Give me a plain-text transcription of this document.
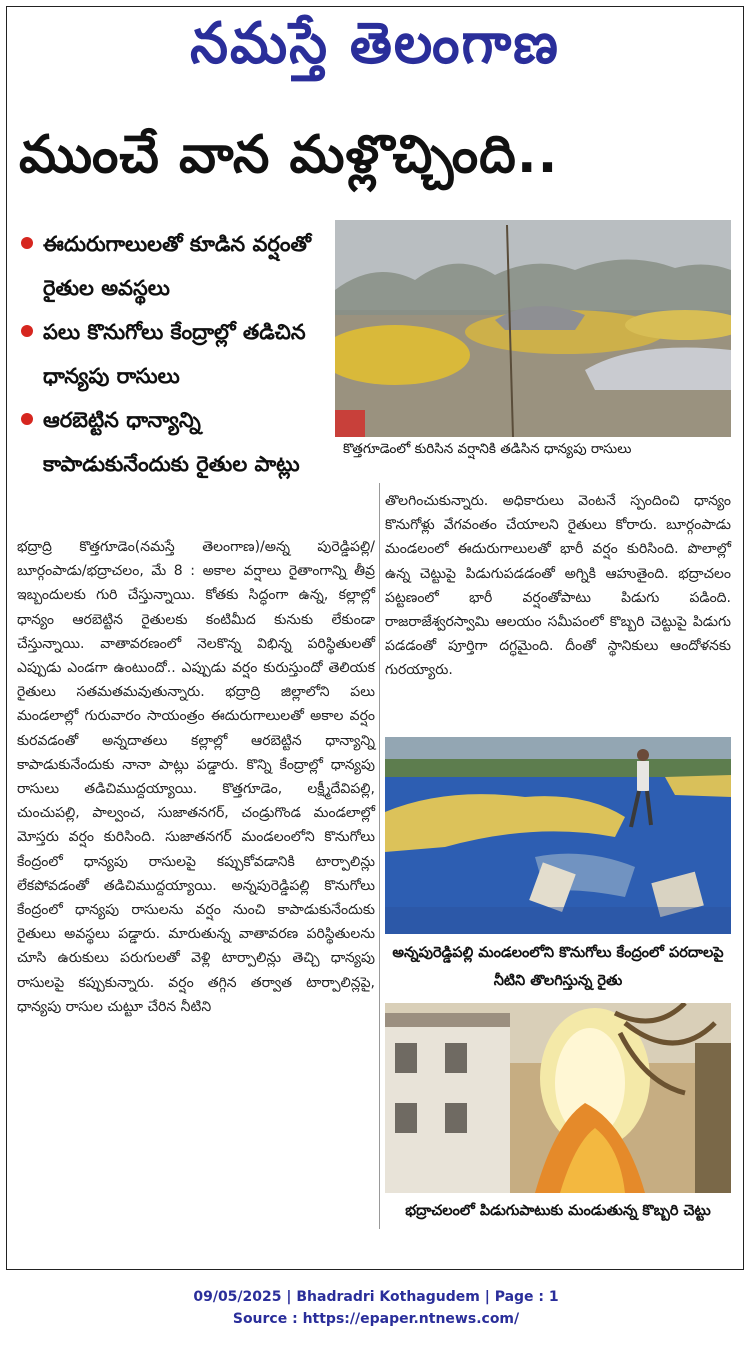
నమస్తే తెలంగాణ
ముంచే వాన మళ్లొచ్చింది..
ఈదురుగాలులతో కూడిన వర్షంతో రైతుల అవస్థలు
పలు కొనుగోలు కేంద్రాల్లో తడిచిన ధాన్యపు రాసులు
ఆరబెట్టిన ధాన్యాన్ని కాపాడుకునేందుకు రైతుల పాట్లు
కొత్తగూడెంలో కురిసిన వర్షానికి తడిసిన ధాన్యపు రాసులు
భద్రాద్రి కొత్తగూడెం(నమస్తే తెలంగాణ)/అన్న పురెడ్డిపల్లి/ బూర్గంపాడు/భద్రాచలం, మే 8 : అకాల వర్షాలు రైతాంగాన్ని తీవ్ర ఇబ్బందులకు గురి చేస్తున్నాయి. కోతకు సిద్ధంగా ఉన్న, కల్లాల్లో ధాన్యం ఆరబెట్టిన రైతులకు కంటిమీద కునుకు లేకుండా చేస్తున్నాయి. వాతావరణంలో నెలకొన్న విభిన్న పరిస్థితులతో ఎప్పుడు ఎండగా ఉంటుందో.. ఎప్పుడు వర్షం కురుస్తుందో తెలియక రైతులు సతమతమవుతున్నారు. భద్రాద్రి జిల్లాలోని పలు మండలాల్లో గురువారం సాయంత్రం ఈదురుగాలులతో అకాల వర్షం కురవడంతో అన్నదాతలు కల్లాల్లో ఆరబెట్టిన ధాన్యాన్ని కాపాడుకునేందుకు నానా పాట్లు పడ్డారు. కొన్ని కేంద్రాల్లో ధాన్యపు రాసులు తడిచిముద్దయ్యాయి. కొత్తగూడెం, లక్ష్మీదేవిపల్లి, చుంచుపల్లి, పాల్వంచ, సుజాతనగర్, చండ్రుగొండ మండలాల్లో మోస్తరు వర్షం కురిసింది. సుజాతనగర్ మండలంలోని కొనుగోలు కేంద్రంలో ధాన్యపు రాసులపై కప్పుకోవడానికి టార్పాలిన్లు లేకపోవడంతో తడిచిముద్దయ్యాయి. అన్నపురెడ్డిపల్లి కొనుగోలు కేంద్రంలో ధాన్యపు రాసులను వర్షం నుంచి కాపాడుకునేందుకు రైతులు అవస్థలు పడ్డారు. మారుతున్న వాతావరణ పరిస్థితులను చూసి ఉరుకులు పరుగులతో వెళ్లి టార్పాలిన్లు తెచ్చి ధాన్యపు రాసులపై కప్పుకున్నారు. వర్షం తగ్గిన తర్వాత టార్పాలిన్లపై, ధాన్యపు రాసుల చుట్టూ చేరిన నీటిని
తొలగించుకున్నారు. అధికారులు వెంటనే స్పందించి ధాన్యం కొనుగోళ్లు వేగవంతం చేయాలని రైతులు కోరారు. బూర్గంపాడు మండలంలో ఈదురుగాలులతో భారీ వర్షం కురిసింది. పొలాల్లో ఉన్న చెట్టుపై పిడుగుపడడంతో అగ్నికి ఆహుతైంది. భద్రాచలం పట్టణంలో భారీ వర్షంతోపాటు పిడుగు పడింది. రాజరాజేశ్వరస్వామి ఆలయం సమీపంలో కొబ్బరి చెట్టుపై పిడుగు పడడంతో పూర్తిగా దగ్ధమైంది. దీంతో స్థానికులు ఆందోళనకు గురయ్యారు.
అన్నపురెడ్డిపల్లి మండలంలోని కొనుగోలు కేంద్రంలో పరదాలపై నీటిని తొలగిస్తున్న రైతు
భద్రాచలంలో పిడుగుపాటుకు మండుతున్న కొబ్బరి చెట్టు
09/05/2025 | Bhadradri Kothagudem | Page : 1
Source : https://epaper.ntnews.com/
